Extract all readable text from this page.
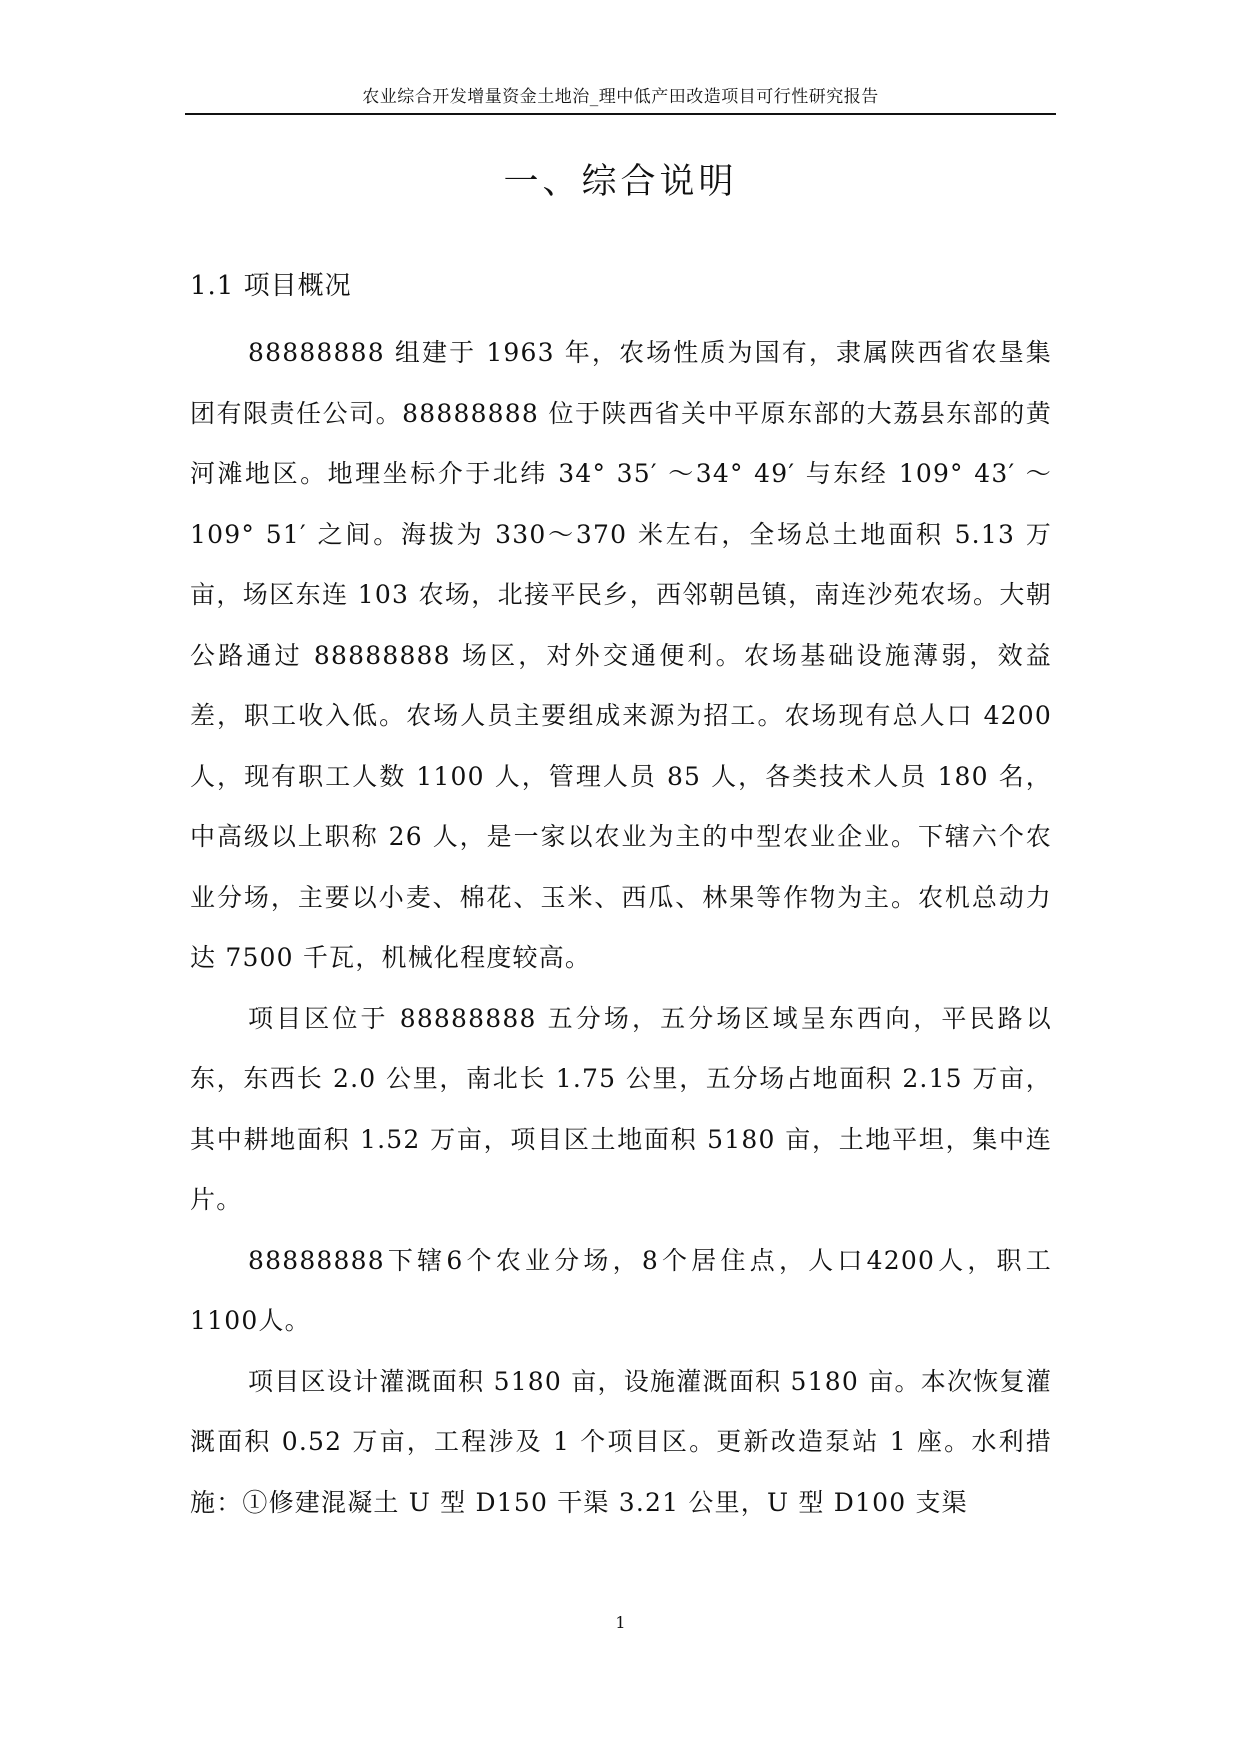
农业综合开发增量资金土地治_理中低产田改造项目可行性研究报告
一、综合说明
1.1 项目概况

88888888 组建于 1963 年，农场性质为国有，隶属陕西省农垦集团有限责任公司。88888888 位于陕西省关中平原东部的大荔县东部的黄河滩地区。地理坐标介于北纬 34° 35′ ～34° 49′ 与东经 109° 43′ ～109° 51′ 之间。海拔为 330～370 米左右，全场总土地面积 5.13 万亩，场区东连 103 农场，北接平民乡，西邻朝邑镇，南连沙苑农场。大朝公路通过 88888888 场区，对外交通便利。农场基础设施薄弱，效益差，职工收入低。农场人员主要组成来源为招工。农场现有总人口 4200 人，现有职工人数 1100 人，管理人员 85 人，各类技术人员 180 名，中高级以上职称 26 人，是一家以农业为主的中型农业企业。下辖六个农业分场，主要以小麦、棉花、玉米、西瓜、林果等作物为主。农机总动力达 7500 千瓦，机械化程度较高。

项目区位于 88888888 五分场，五分场区域呈东西向，平民路以东，东西长 2.0 公里，南北长 1.75 公里，五分场占地面积 2.15 万亩，其中耕地面积 1.52 万亩，项目区土地面积 5180 亩，土地平坦，集中连片。

88888888下辖6个农业分场，8个居住点，人口4200人，职工1100人。

项目区设计灌溉面积 5180 亩，设施灌溉面积 5180 亩。本次恢复灌溉面积 0.52 万亩，工程涉及 1 个项目区。更新改造泵站 1 座。水利措施：①修建混凝土 U 型 D150 干渠 3.21 公里，U 型 D100 支渠

1
